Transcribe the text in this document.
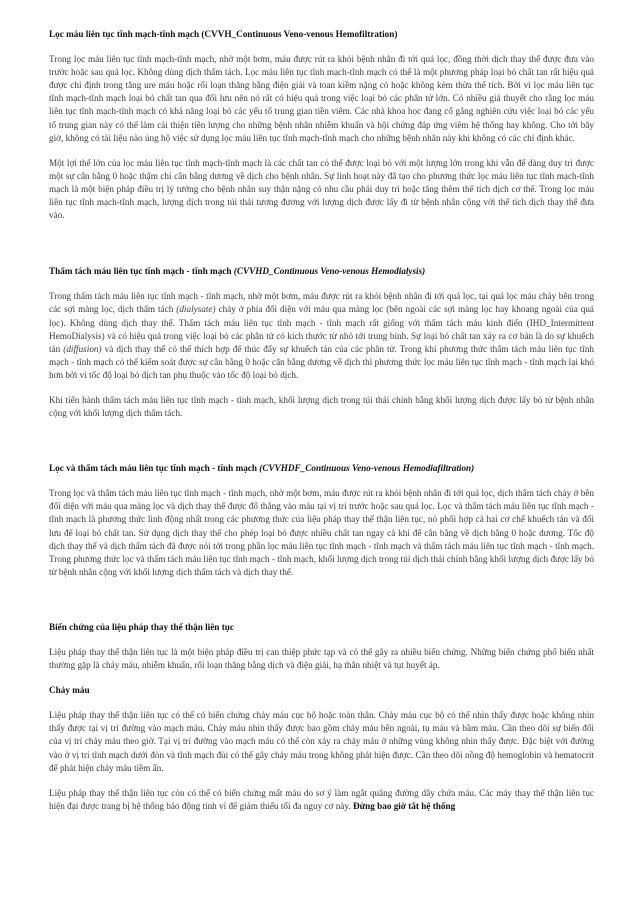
Lọc máu liên tục tĩnh mạch-tĩnh mạch (CVVH_Continuous Veno-venous Hemofiltration)

Trong lọc máu liên tục tĩnh mạch-tĩnh mạch, nhờ một bơm, máu được rút ra khỏi bệnh nhân đi tới quả lọc, đồng thời dịch thay thế được đưa vào trước hoặc sau quả lọc. Không dùng dịch thẩm tách. Lọc máu liên tục tĩnh mạch-tĩnh mạch có thể là một phương pháp loại bỏ chất tan rất hiệu quả được chỉ định trong tăng ure máu hoặc rối loạn thăng bằng điện giải và toan kiềm nặng có hoặc không kèm thừa thể tích. Bởi vì lọc máu liên tục tĩnh mạch-tĩnh mạch loại bỏ chất tan qua đối lưu nên nó rất có hiệu quả trong việc loại bỏ các phân tử lớn. Có nhiều giả thuyết cho rằng lọc máu liên tục tĩnh mạch-tĩnh mạch có khả năng loại bỏ các yếu tố trung gian tiền viêm. Các nhà khoa học đang cố gắng nghiên cứu việc loại bỏ các yếu tố trung gian này có thể làm cải thiện tiên lượng cho những bệnh nhân nhiễm khuẩn và hội chứng đáp ứng viêm hệ thống hay không. Cho tới bây giờ, không có tài liệu nào ủng hộ việc sử dụng lọc máu liên tục tĩnh mạch-tĩnh mạch cho những bệnh nhân này khi không có các chỉ định khác.

Một lợi thế lớn của lọc máu liên tục tĩnh mạch-tĩnh mạch là các chất tan có thể được loại bỏ với một lượng lớn trong khi vẫn để dàng duy trì được một sự cân bằng 0 hoặc thậm chí cân bằng dương về dịch cho bệnh nhân. Sự linh hoạt này đã tạo cho phương thức lọc máu liên tục tĩnh mạch-tĩnh mạch là một biện pháp điều trị lý tưởng cho bệnh nhân suy thận nặng có nhu cầu phải duy trì hoặc tăng thêm thể tích dịch cơ thể. Trong lọc máu liên tục tĩnh mạch-tĩnh mạch, lượng dịch trong túi thải tương đương với lượng dịch được lấy đi từ bệnh nhân cộng với thể tích dịch thay thế đưa vào.

Thẩm tách máu liên tục tĩnh mạch - tĩnh mạch (CVVHD_Continuous Veno-venous Hemodialysis)

Trong thẩm tách máu liên tục tĩnh mạch - tĩnh mạch, nhờ một bơm, máu được rút ra khỏi bệnh nhân đi tới quả lọc, tại quả lọc máu chảy bên trong các sợi màng lọc, dịch thẩm tách (dialysate) chảy ở phía đối diện với máu qua màng lọc (bên ngoài các sợi màng lọc hay khoang ngoài của quả lọc). Không dùng dịch thay thế. Thẩm tách máu liên tục tĩnh mạch - tĩnh mạch rất giống với thẩm tách máu kinh điển (IHD_Intermittent HemoDialysis) và có hiệu quả trong việc loại bỏ các phân tử có kích thước từ nhỏ tới trung bình. Sự loại bỏ chất tan xảy ra cơ bản là do sự khuếch tán (diffusion) và dịch thay thế có thể thích hợp để thúc đẩy sự khuếch tán của các phân tử. Trong khi phương thức thẩm tách máu liên tục tĩnh mạch - tĩnh mạch có thể kiểm soát được sự cân bằng 0 hoặc cân bằng dương về dịch thì phương thức lọc máu liên tục tĩnh mạch - tĩnh mạch lại khó hơn bởi vì tốc độ loại bỏ dịch tan phụ thuộc vào tốc độ loại bỏ dịch.

Khi tiến hành thẩm tách máu liên tục tĩnh mạch - tĩnh mạch, khối lượng dịch trong túi thải chính bằng khối lượng dịch được lấy bỏ từ bệnh nhân cộng với khối lượng dịch thẩm tách.

Lọc và thẩm tách máu liên tục tĩnh mạch - tĩnh mạch (CVVHDF_Continuous Veno-venous Hemodiafiltration)

Trong lọc và thẩm tách máu liên tục tĩnh mạch - tĩnh mạch, nhờ một bơm, máu được rút ra khỏi bệnh nhân đi tới quả lọc, dịch thẩm tách chảy ở bên đối diện với máu qua màng lọc và dịch thay thế được đổ thẳng vào máu tại vị trí trước hoặc sau quả lọc. Lọc và thẩm tách máu liên tục tĩnh mạch - tĩnh mạch là phương thức linh động nhất trong các phương thức của liệu pháp thay thế thận liên tục, nó phối hợp cả hai cơ chế khuếch tán và đối lưu để loại bỏ chất tan. Sử dụng dịch thay thế cho phép loại bỏ được nhiều chất tan ngay cả khi để cân bằng về dịch bằng 0 hoặc dương. Tốc độ dịch thay thế và dịch thẩm tách đã được nói tới trong phần lọc máu liên tục tĩnh mạch - tĩnh mạch và thẩm tách máu liên tục tĩnh mạch - tĩnh mạch. Trong phương thức lọc và thẩm tách máu liên tục tĩnh mạch - tĩnh mạch, khối lượng dịch trong túi dịch thải chính bằng khối lượng dịch được lấy bỏ từ bệnh nhân cộng với khối lượng dịch thẩm tách và dịch thay thế.

Biến chứng của liệu pháp thay thế thận liên tục

Liệu pháp thay thế thận liên tục là một biện pháp điều trị can thiệp phức tạp và có thể gây ra nhiều biến chứng. Những biến chứng phổ biến nhất thường gặp là chảy máu, nhiễm khuẩn, rối loạn thăng bằng dịch và điện giải, hạ thân nhiệt và tụt huyết áp.

Chảy máu

Liệu pháp thay thế thận liên tục có thể có biến chứng chảy máu cục bộ hoặc toàn thân. Chảy máu cục bộ có thể nhìn thấy được hoặc không nhìn thấy được tại vị trí đường vào mạch máu. Chảy máu nhìn thấy được bao gồm chảy máu bên ngoài, tụ máu và bầm máu. Cần theo dõi sự biến đổi của vị trí chảy máu theo giờ. Tại vị trí đường vào mạch máu có thể còn xảy ra chảy máu ở những vùng không nhìn thấy được. Đặc biệt với đường vào ở vị trí tĩnh mạch dưới đòn và tĩnh mạch đùi có thể gây chảy máu trong không phát hiện được. Cần theo dõi nồng độ hemoglobin và hematocrit để phát hiện chảy máu tiềm ẩn.

Liệu pháp thay thế thận liên tục còn có thể có biến chứng mất máu do sơ ý làm ngắt quãng đường dây chứa máu. Các máy thay thế thận liên tục hiện đại được trang bị hệ thống báo động tinh vi để giảm thiểu tối đa nguy cơ này. Đừng bao giờ tắt hệ thống
